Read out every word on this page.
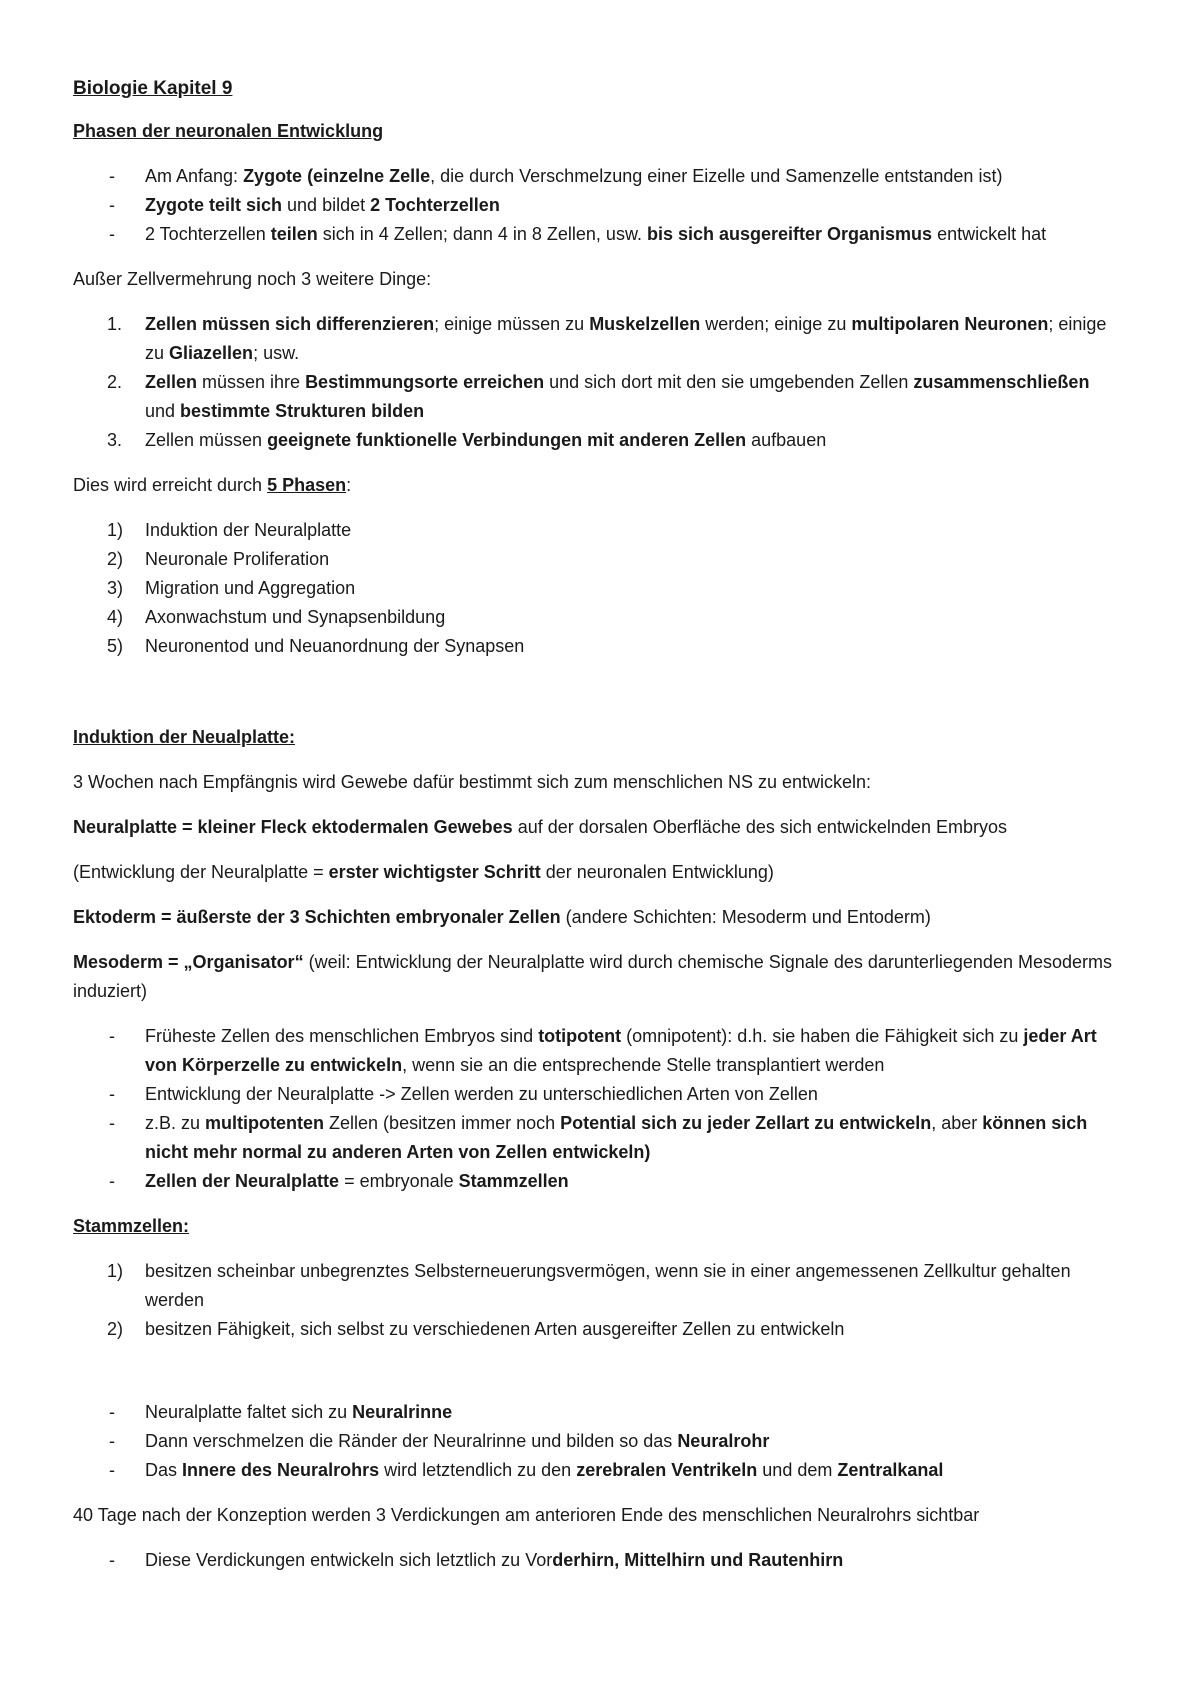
Biologie Kapitel 9
Phasen der neuronalen Entwicklung
- Am Anfang: Zygote (einzelne Zelle, die durch Verschmelzung einer Eizelle und Samenzelle entstanden ist)
- Zygote teilt sich und bildet 2 Tochterzellen
- 2 Tochterzellen teilen sich in 4 Zellen; dann 4 in 8 Zellen, usw. bis sich ausgereifter Organismus entwickelt hat

Außer Zellvermehrung noch 3 weitere Dinge:

1. Zellen müssen sich differenzieren; einige müssen zu Muskelzellen werden; einige zu multipolaren Neuronen; einige zu Gliazellen; usw.
2. Zellen müssen ihre Bestimmungsorte erreichen und sich dort mit den sie umgebenden Zellen zusammenschließen und bestimmte Strukturen bilden
3. Zellen müssen geeignete funktionelle Verbindungen mit anderen Zellen aufbauen

Dies wird erreicht durch 5 Phasen:

1) Induktion der Neuralplatte
2) Neuronale Proliferation
3) Migration und Aggregation
4) Axonwachstum und Synapsenbildung
5) Neuronentod und Neuanordnung der Synapsen
Induktion der Neualplatte:

3 Wochen nach Empfängnis wird Gewebe dafür bestimmt sich zum menschlichen NS zu entwickeln:

Neuralplatte = kleiner Fleck ektodermalen Gewebes auf der dorsalen Oberfläche des sich entwickelnden Embryos

(Entwicklung der Neuralplatte = erster wichtigster Schritt der neuronalen Entwicklung)

Ektoderm = äußerste der 3 Schichten embryonaler Zellen (andere Schichten: Mesoderm und Entoderm)

Mesoderm = „Organisator“ (weil: Entwicklung der Neuralplatte wird durch chemische Signale des darunterliegenden Mesoderms induziert)

- Früheste Zellen des menschlichen Embryos sind totipotent (omnipotent): d.h. sie haben die Fähigkeit sich zu jeder Art von Körperzelle zu entwickeln, wenn sie an die entsprechende Stelle transplantiert werden
- Entwicklung der Neuralplatte -> Zellen werden zu unterschiedlichen Arten von Zellen
- z.B. zu multipotenten Zellen (besitzen immer noch Potential sich zu jeder Zellart zu entwickeln, aber können sich nicht mehr normal zu anderen Arten von Zellen entwickeln)
- Zellen der Neuralplatte = embryonale Stammzellen
Stammzellen:
1) besitzen scheinbar unbegrenztes Selbsterneuerungsvermögen, wenn sie in einer angemessenen Zellkultur gehalten werden
2) besitzen Fähigkeit, sich selbst zu verschiedenen Arten ausgereifter Zellen zu entwickeln
- Neuralplatte faltet sich zu Neuralrinne
- Dann verschmelzen die Ränder der Neuralrinne und bilden so das Neuralrohr
- Das Innere des Neuralrohrs wird letztendlich zu den zerebralen Ventrikeln und dem Zentralkanal

40 Tage nach der Konzeption werden 3 Verdickungen am anterioren Ende des menschlichen Neuralrohrs sichtbar

- Diese Verdickungen entwickeln sich letztlich zu Vorderhirn, Mittelhirn und Rautenhirn
